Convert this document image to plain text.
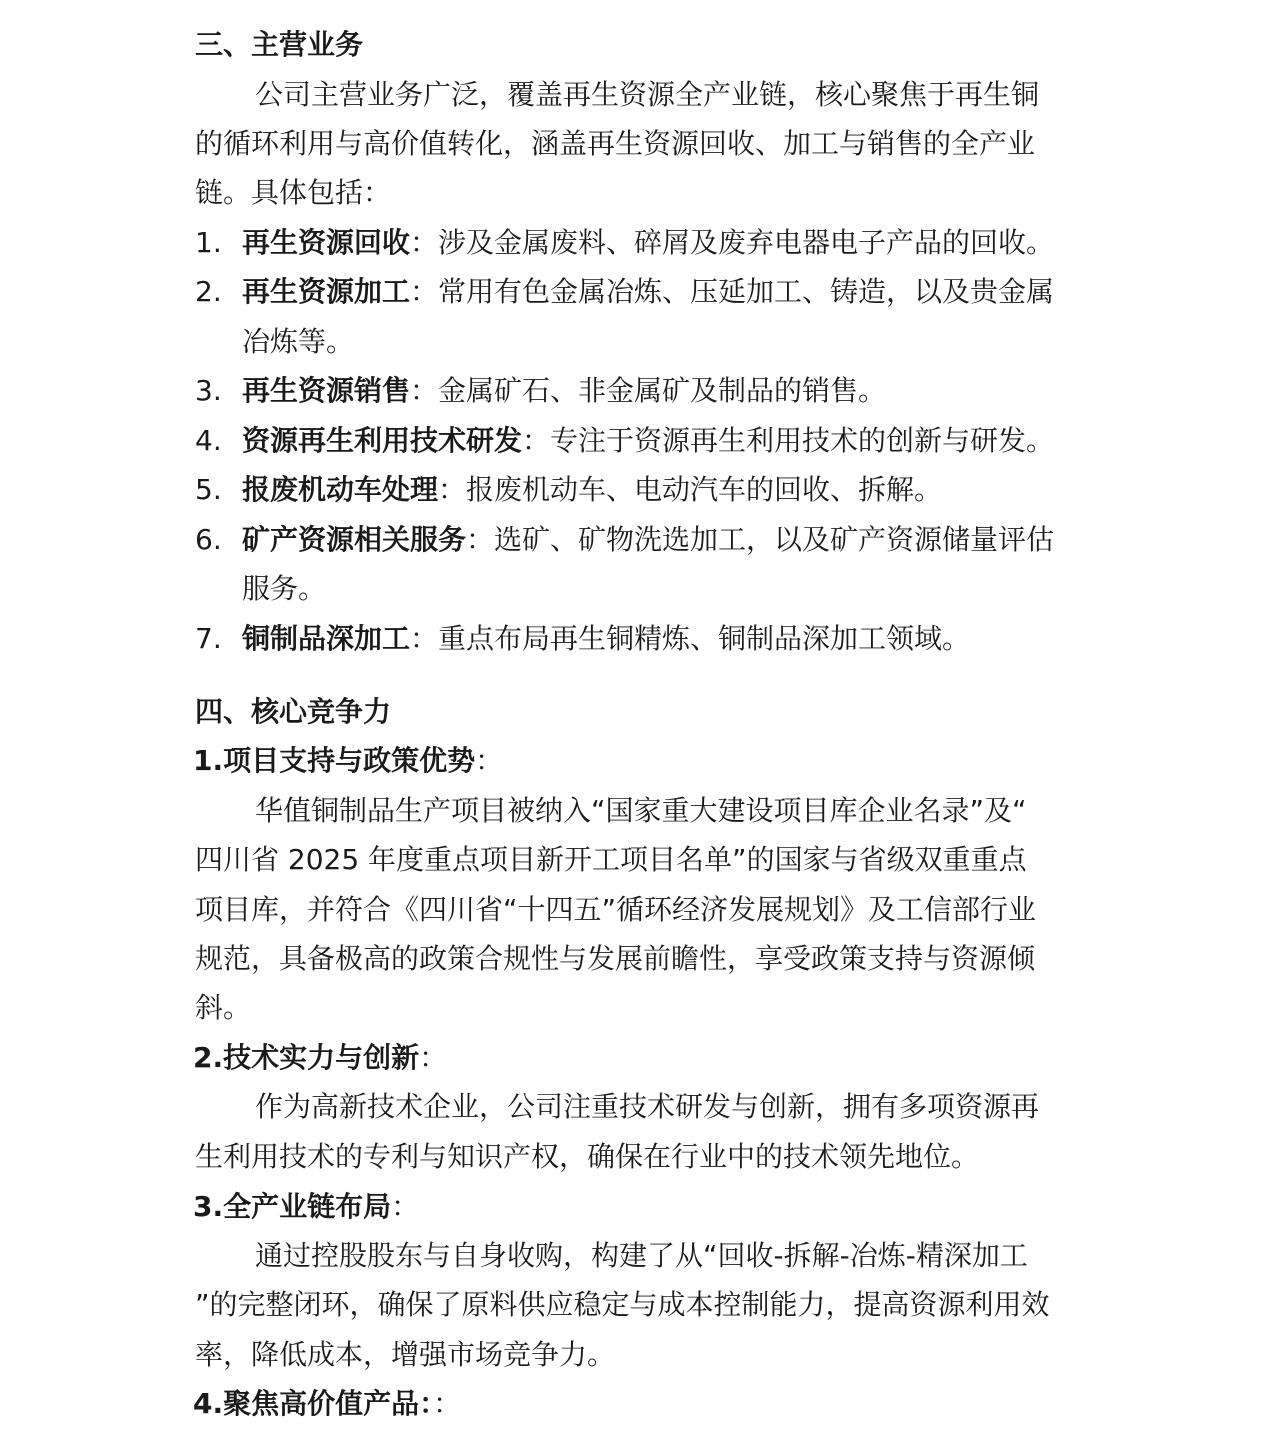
三、主营业务
公司主营业务广泛，覆盖再生资源全产业链，核心聚焦于再生铜
的循环利用与高价值转化，涵盖再生资源回收、加工与销售的全产业
链。具体包括：
1. 再生资源回收：涉及金属废料、碎屑及废弃电器电子产品的回收。
2. 再生资源加工：常用有色金属冶炼、压延加工、铸造，以及贵金属
冶炼等。
3. 再生资源销售：金属矿石、非金属矿及制品的销售。
4. 资源再生利用技术研发：专注于资源再生利用技术的创新与研发。
5. 报废机动车处理：报废机动车、电动汽车的回收、拆解。
6. 矿产资源相关服务：选矿、矿物洗选加工，以及矿产资源储量评估
服务。
7. 铜制品深加工：重点布局再生铜精炼、铜制品深加工领域。
四、核心竞争力
1.项目支持与政策优势：
华值铜制品生产项目被纳入“国家重大建设项目库企业名录”及“
四川省 2025 年度重点项目新开工项目名单”的国家与省级双重重点
项目库，并符合《四川省“十四五”循环经济发展规划》及工信部行业
规范，具备极高的政策合规性与发展前瞻性，享受政策支持与资源倾
斜。
2.技术实力与创新：
作为高新技术企业，公司注重技术研发与创新，拥有多项资源再
生利用技术的专利与知识产权，确保在行业中的技术领先地位。
3.全产业链布局：
通过控股股东与自身收购，构建了从“回收-拆解-冶炼-精深加工
”的完整闭环，确保了原料供应稳定与成本控制能力，提高资源利用效
率，降低成本，增强市场竞争力。
4.聚焦高价值产品：：
